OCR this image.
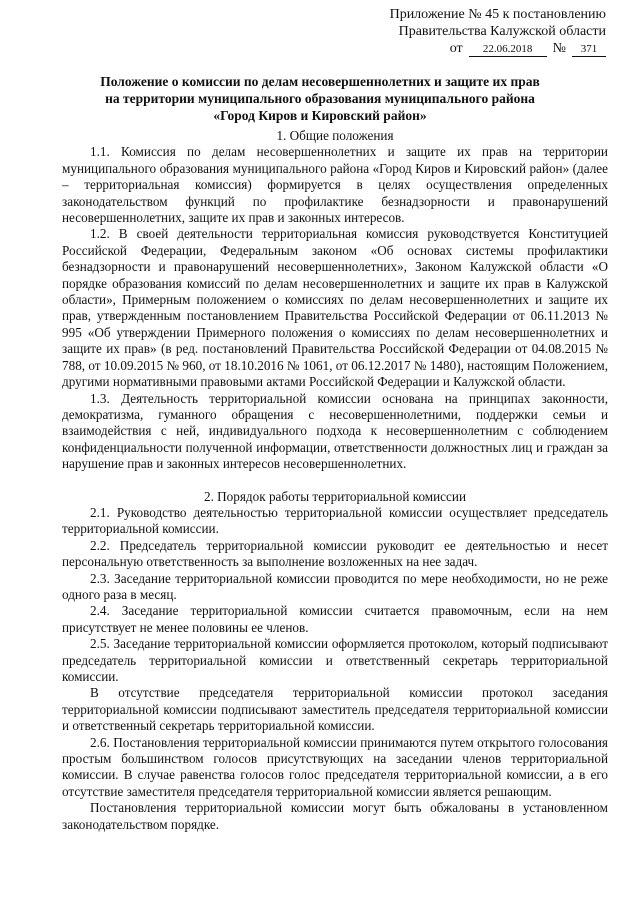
Приложение № 45 к постановлению
Правительства Калужской области
от	22.06.2018	№	371
Положение о комиссии по делам несовершеннолетних и защите их прав
на территории муниципального образования муниципального района
«Город Киров и Кировский район»
1. Общие положения

1.1. Комиссия по делам несовершеннолетних и защите их прав на территории муниципального образования муниципального района «Город Киров и Кировский район» (далее – территориальная комиссия) формируется в целях осуществления определенных законодательством функций по профилактике безнадзорности и правонарушений несовершеннолетних, защите их прав и законных интересов.

1.2. В своей деятельности территориальная комиссия руководствуется Конституцией Российской Федерации, Федеральным законом «Об основах системы профилактики безнадзорности и правонарушений несовершеннолетних», Законом Калужской области «О порядке образования комиссий по делам несовершеннолетних и защите их прав в Калужской области», Примерным положением о комиссиях по делам несовершеннолетних и защите их прав, утвержденным постановлением Правительства Российской Федерации от 06.11.2013 № 995 «Об утверждении Примерного положения о комиссиях по делам несовершеннолетних и защите их прав» (в ред. постановлений Правительства Российской Федерации от 04.08.2015 № 788, от 10.09.2015 № 960, от 18.10.2016 № 1061, от 06.12.2017 № 1480), настоящим Положением, другими нормативными правовыми актами Российской Федерации и Калужской области.

1.3. Деятельность территориальной комиссии основана на принципах законности, демократизма, гуманного обращения с несовершеннолетними, поддержки семьи и взаимодействия с ней, индивидуального подхода к несовершеннолетним с соблюдением конфиденциальности полученной информации, ответственности должностных лиц и граждан за нарушение прав и законных интересов несовершеннолетних.

2. Порядок работы территориальной комиссии

2.1. Руководство деятельностью территориальной комиссии осуществляет председатель территориальной комиссии.

2.2. Председатель территориальной комиссии руководит ее деятельностью и несет персональную ответственность за выполнение возложенных на нее задач.

2.3. Заседание территориальной комиссии проводится по мере необходимости, но не реже одного раза в месяц.

2.4. Заседание территориальной комиссии считается правомочным, если на нем присутствует не менее половины ее членов.

2.5. Заседание территориальной комиссии оформляется протоколом, который подписывают председатель территориальной комиссии и ответственный секретарь территориальной комиссии.

В отсутствие председателя территориальной комиссии протокол заседания территориальной комиссии подписывают заместитель председателя территориальной комиссии и ответственный секретарь территориальной комиссии.

2.6. Постановления территориальной комиссии принимаются путем открытого голосования простым большинством голосов присутствующих на заседании членов территориальной комиссии. В случае равенства голосов голос председателя территориальной комиссии, а в его отсутствие заместителя председателя территориальной комиссии является решающим.

Постановления территориальной комиссии могут быть обжалованы в установленном законодательством порядке.
